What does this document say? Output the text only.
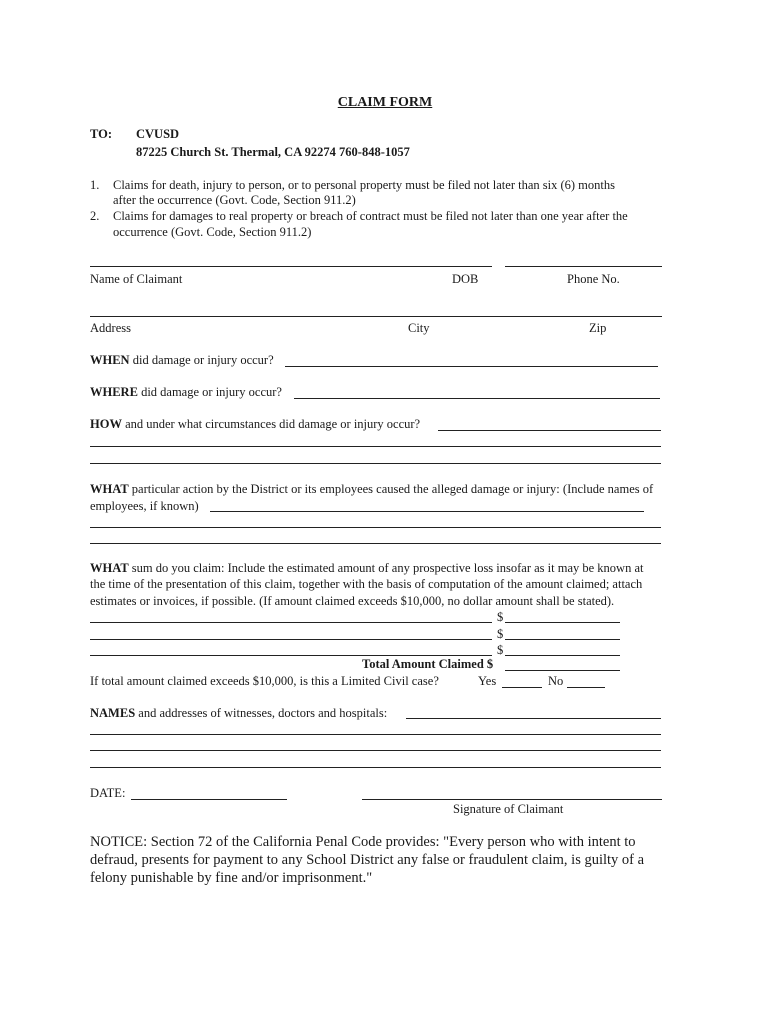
CLAIM FORM
TO: CVUSD
87225 Church St. Thermal, CA 92274 760-848-1057
1. Claims for death, injury to person, or to personal property must be filed not later than six (6) months
after the occurrence (Govt. Code, Section 911.2)
2. Claims for damages to real property or breach of contract must be filed not later than one year after the
occurrence (Govt. Code, Section 911.2)
Name of Claimant	DOB	Phone No.
Address	City	Zip
WHEN did damage or injury occur?
WHERE did damage or injury occur?
HOW and under what circumstances did damage or injury occur?
WHAT particular action by the District or its employees caused the alleged damage or injury: (Include names of
employees, if known)
WHAT sum do you claim: Include the estimated amount of any prospective loss insofar as it may be known at
the time of the presentation of this claim, together with the basis of computation of the amount claimed; attach
estimates or invoices, if possible. (If amount claimed exceeds $10,000, no dollar amount shall be stated).
$
$
$
Total Amount Claimed $
If total amount claimed exceeds $10,000, is this a Limited Civil case?	Yes	No
NAMES and addresses of witnesses, doctors and hospitals:
DATE:
Signature of Claimant
NOTICE: Section 72 of the California Penal Code provides: "Every person who with intent to defraud, presents for payment to any School District any false or fraudulent claim, is guilty of a felony punishable by fine and/or imprisonment."
